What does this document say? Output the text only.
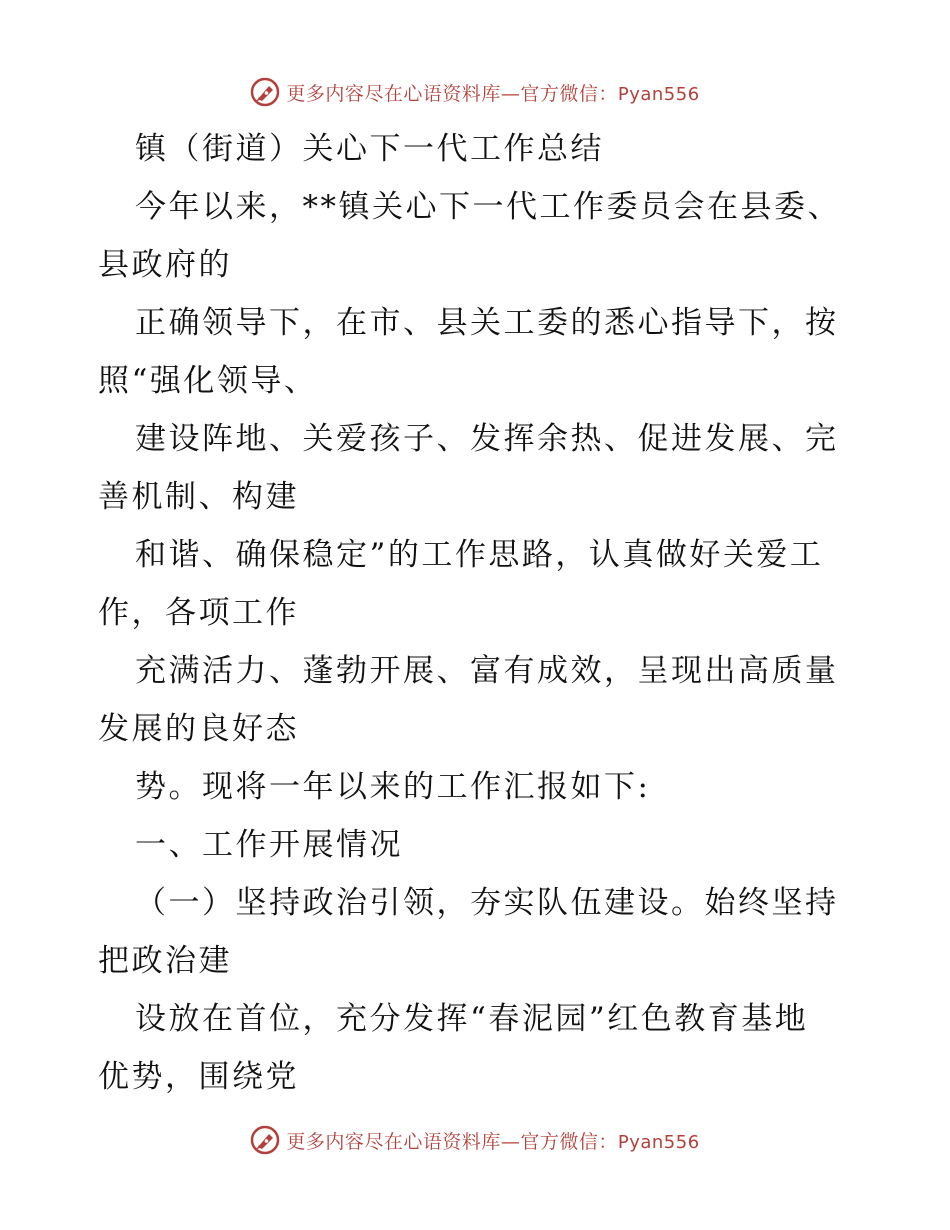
更多内容尽在心语资料库—官方微信：Pyan556
镇（街道）关心下一代工作总结
今年以来，**镇关心下一代工作委员会在县委、
县政府的
正确领导下，在市、县关工委的悉心指导下，按
照“强化领导、
建设阵地、关爱孩子、发挥余热、促进发展、完
善机制、构建
和谐、确保稳定”的工作思路，认真做好关爱工
作，各项工作
充满活力、蓬勃开展、富有成效，呈现出高质量
发展的良好态
势。现将一年以来的工作汇报如下:
一、工作开展情况
（一）坚持政治引领，夯实队伍建设。始终坚持
把政治建
设放在首位，充分发挥“春泥园”红色教育基地
优势，围绕党
更多内容尽在心语资料库—官方微信：Pyan556
